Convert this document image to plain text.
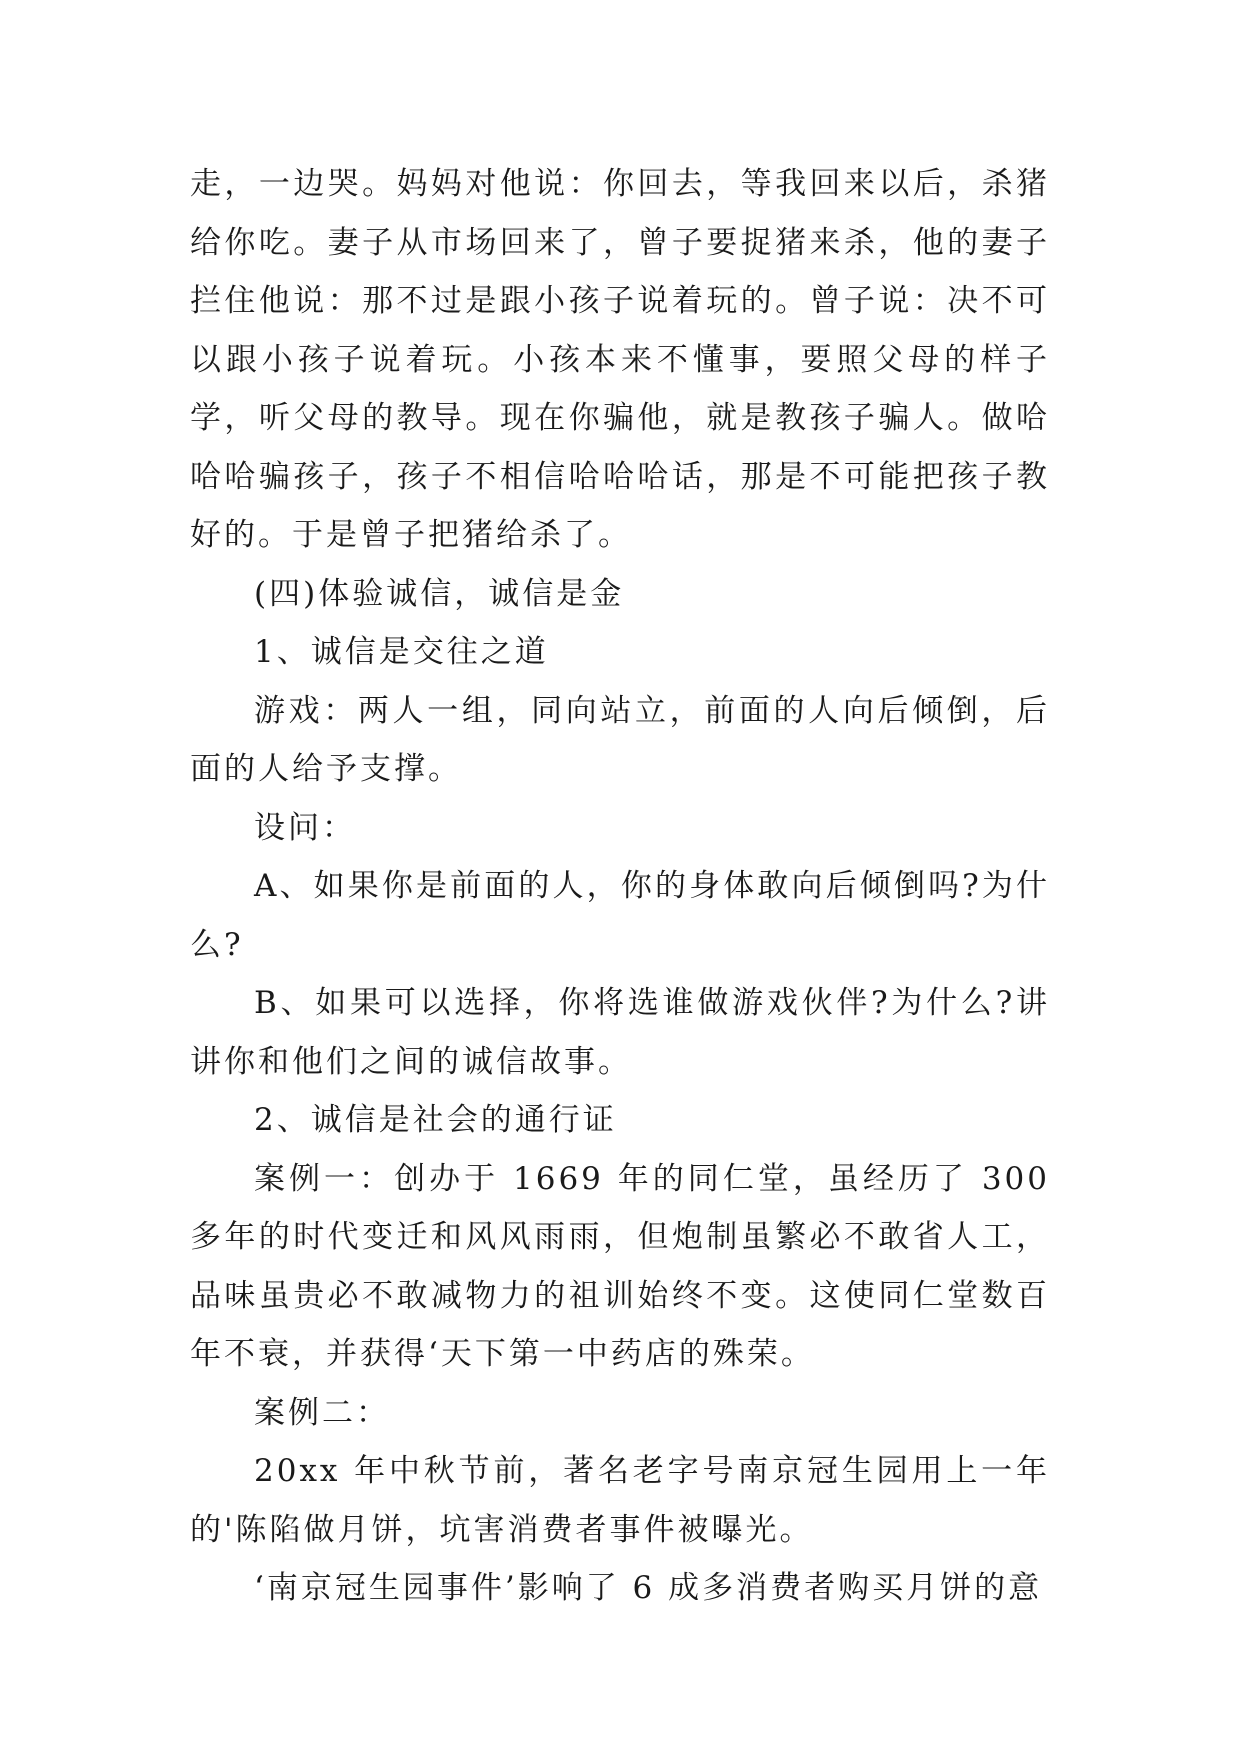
走，一边哭。妈妈对他说：你回去，等我回来以后，杀猪给你吃。妻子从市场回来了，曾子要捉猪来杀，他的妻子拦住他说：那不过是跟小孩子说着玩的。曾子说：决不可以跟小孩子说着玩。小孩本来不懂事，要照父母的样子学，听父母的教导。现在你骗他，就是教孩子骗人。做哈哈哈骗孩子，孩子不相信哈哈哈话，那是不可能把孩子教好的。于是曾子把猪给杀了。

(四)体验诚信，诚信是金

1、诚信是交往之道

游戏：两人一组，同向站立，前面的人向后倾倒，后面的人给予支撑。

设问：

A、如果你是前面的人，你的身体敢向后倾倒吗?为什么?

B、如果可以选择，你将选谁做游戏伙伴?为什么?讲讲你和他们之间的诚信故事。

2、诚信是社会的通行证

案例一：创办于 1669 年的同仁堂，虽经历了 300 多年的时代变迁和风风雨雨，但炮制虽繁必不敢省人工，品味虽贵必不敢减物力的祖训始终不变。这使同仁堂数百年不衰，并获得‘天下第一中药店的殊荣。

案例二：

20xx 年中秋节前，著名老字号南京冠生园用上一年的'陈陷做月饼，坑害消费者事件被曝光。

‘南京冠生园事件’影响了 6 成多消费者购买月饼的意
